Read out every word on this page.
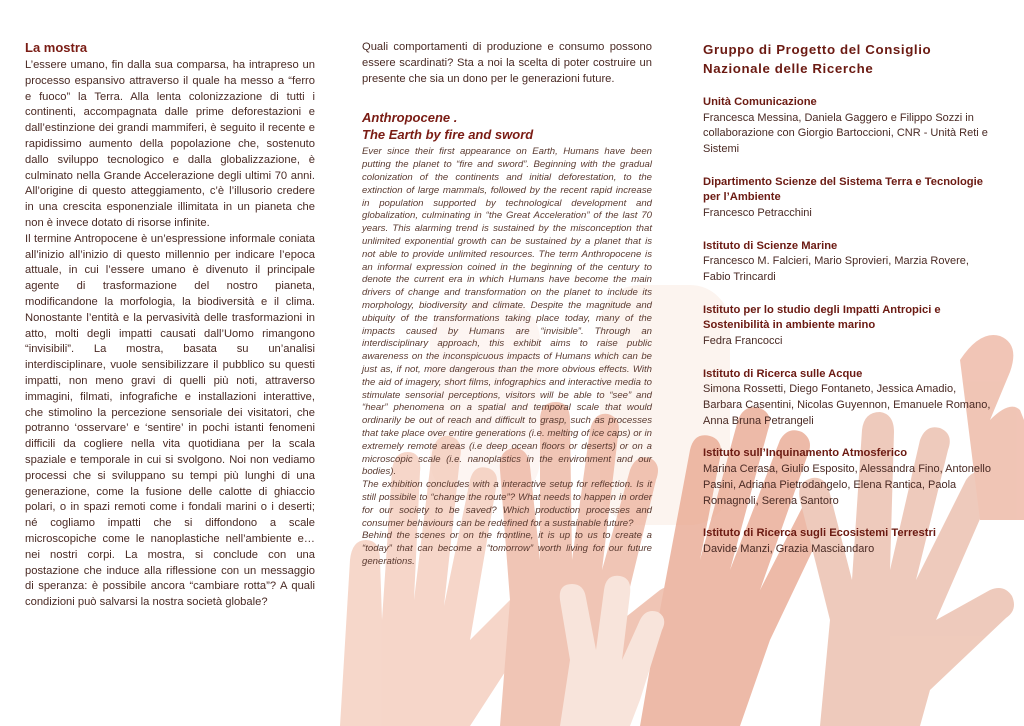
La mostra

L’essere umano, fin dalla sua comparsa, ha intrapreso un processo espansivo attraverso il quale ha messo a “ferro e fuoco” la Terra. Alla lenta colonizzazione di tutti i continenti, accompagnata dalle prime deforestazioni e dall’estinzione dei grandi mammiferi, è seguito il recente e rapidissimo aumento della popolazione che, sostenuto dallo sviluppo tecnologico e dalla globalizzazione, è culminato nella Grande Accelerazione degli ultimi 70 anni. All’origine di questo atteggiamento, c’è l’illusorio credere in una crescita esponenziale illimitata in un pianeta che non è invece dotato di risorse infinite.

Il termine Antropocene è un’espressione informale coniata all’inizio all’inizio di questo millennio per indicare l’epoca attuale, in cui l’essere umano è divenuto il principale agente di trasformazione del nostro pianeta, modificandone la morfologia, la biodiversità e il clima. Nonostante l’entità e la pervasività delle trasformazioni in atto, molti degli impatti causati dall’Uomo rimangono “invisibili”. La mostra, basata su un’analisi interdisciplinare, vuole sensibilizzare il pubblico su questi impatti, non meno gravi di quelli più noti, attraverso immagini, filmati, infografiche e installazioni interattive, che stimolino la percezione sensoriale dei visitatori, che potranno ‘osservare’ e ‘sentire’ in pochi istanti fenomeni difficili da cogliere nella vita quotidiana per la scala spaziale e temporale in cui si svolgono. Noi non vediamo processi che si sviluppano su tempi più lunghi di una generazione, come la fusione delle calotte di ghiaccio polari, o in spazi remoti come i fondali marini o i deserti; né cogliamo impatti che si diffondono a scale microscopiche come le nanoplastiche nell’ambiente e…nei nostri corpi. La mostra, si conclude con una postazione che induce alla riflessione con un messaggio di speranza: è possibile ancora “cambiare rotta”? A quali condizioni può salvarsi la nostra società globale?

Quali comportamenti di produzione e consumo possono essere scardinati? Sta a noi la scelta di poter costruire un presente che sia un dono per le generazioni future.
Anthropocene .
The Earth by fire and sword

Ever since their first appearance on Earth, Humans have been putting the planet to “fire and sword”. Beginning with the gradual colonization of the continents and initial deforestation, to the extinction of large mammals, followed by the recent rapid increase in population supported by technological development and globalization, culminating in “the Great Acceleration” of the last 70 years. This alarming trend is sustained by the misconception that unlimited exponential growth can be sustained by a planet that is not able to provide unlimited resources. The term Anthropocene is an informal expression coined in the beginning of the century to denote the current era in which Humans have become the main drivers of change and transformation on the planet to include its morphology, biodiversity and climate. Despite the magnitude and ubiquity of the transformations taking place today, many of the impacts caused by Humans are “invisible”. Through an interdisciplinary approach, this exhibit aims to raise public awareness on the inconspicuous impacts of Humans which can be just as, if not, more dangerous than the more obvious effects. With the aid of imagery, short films, infographics and interactive media to stimulate sensorial perceptions, visitors will be able to “see” and “hear” phenomena on a spatial and temporal scale that would ordinarily be out of reach and difficult to grasp, such as processes that take place over entire generations (i.e. melting of ice caps) or in extremely remote areas (i.e deep ocean floors or deserts) or on a microscopic scale (i.e. nanoplastics in the environment and our bodies).

The exhibition concludes with a interactive setup for reflection. Is it still possibile to “change the route”? What needs to happen in order for our society to be saved? Which production processes and consumer behaviours can be redefined for a sustainable future?

Behind the scenes or on the frontline, it is up to us to create a “today” that can become a “tomorrow” worth living for our future generations.

Gruppo di Progetto del Consiglio
Nazionale delle Ricerche
Unità Comunicazione
Francesca Messina, Daniela Gaggero e Filippo Sozzi in collaborazione con Giorgio Bartoccioni, CNR - Unità Reti e Sistemi
Dipartimento Scienze del Sistema Terra e Tecnologie per l’Ambiente
Francesco Petracchini
Istituto di Scienze Marine
Francesco M. Falcieri, Mario Sprovieri, Marzia Rovere, Fabio Trincardi
Istituto per lo studio degli Impatti Antropici e Sostenibilità in ambiente marino
Fedra Francocci
Istituto di Ricerca sulle Acque
Simona Rossetti, Diego Fontaneto, Jessica Amadio, Barbara Casentini, Nicolas Guyennon, Emanuele Romano, Anna Bruna Petrangeli
Istituto sull’Inquinamento Atmosferico
Marina Cerasa, Giulio Esposito, Alessandra Fino, Antonello Pasini, Adriana Pietrodangelo, Elena Rantica, Paola Romagnoli, Serena Santoro
Istituto di Ricerca sugli Ecosistemi Terrestri
Davide Manzi, Grazia Masciandaro
